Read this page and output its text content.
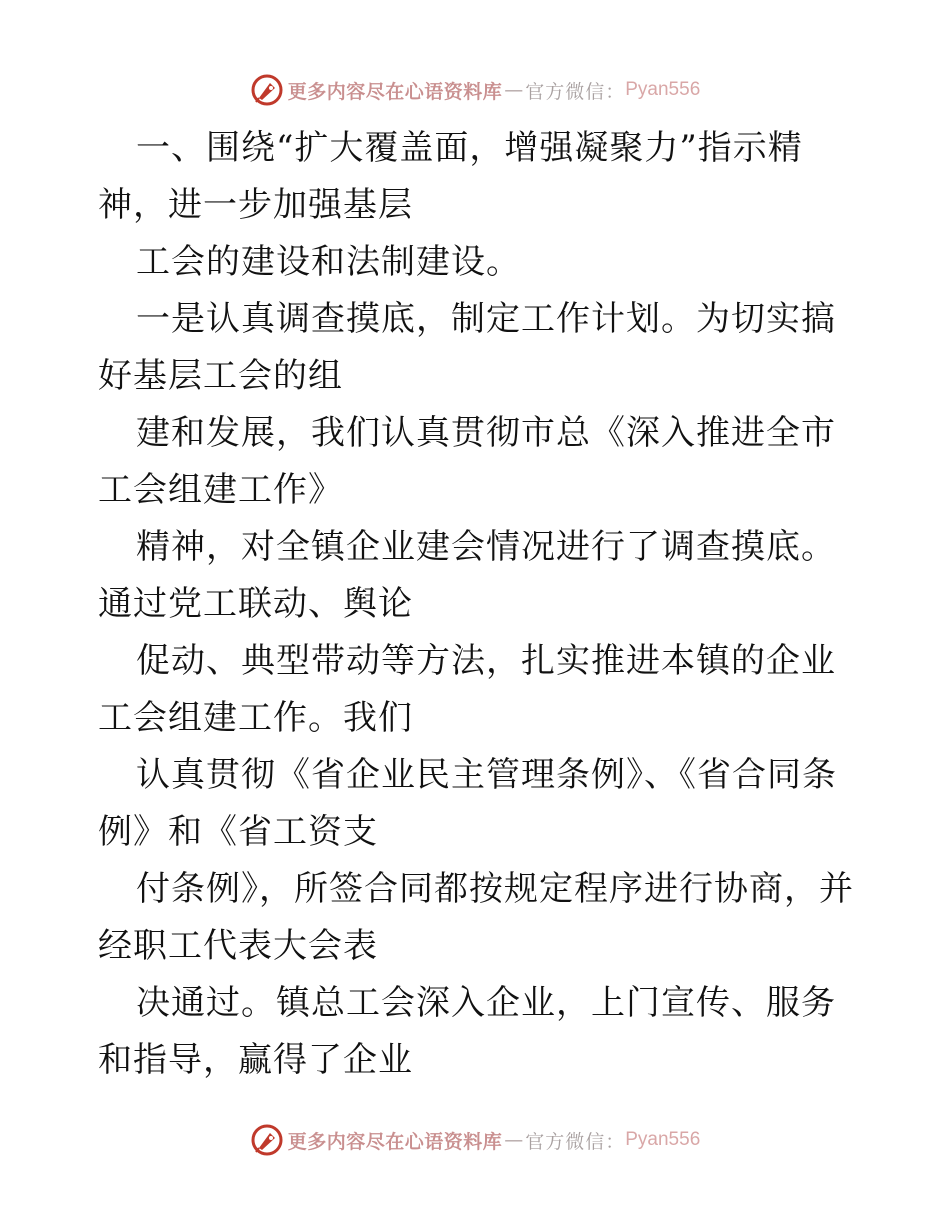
更多内容尽在心语资料库 — 官方微信： Pyan556

一、围绕“扩大覆盖面，增强凝聚力”指示精神，进一步加强基层

工会的建设和法制建设。

一是认真调查摸底，制定工作计划。为切实搞好基层工会的组

建和发展，我们认真贯彻市总《深入推进全市工会组建工作》

精神，对全镇企业建会情况进行了调查摸底。通过党工联动、舆论

促动、典型带动等方法，扎实推进本镇的企业工会组建工作。我们

认真贯彻《省企业民主管理条例》、《省合同条例》和《省工资支

付条例》，所签合同都按规定程序进行协商，并经职工代表大会表

决通过。镇总工会深入企业，上门宣传、服务和指导，赢得了企业

更多内容尽在心语资料库 — 官方微信： Pyan556
